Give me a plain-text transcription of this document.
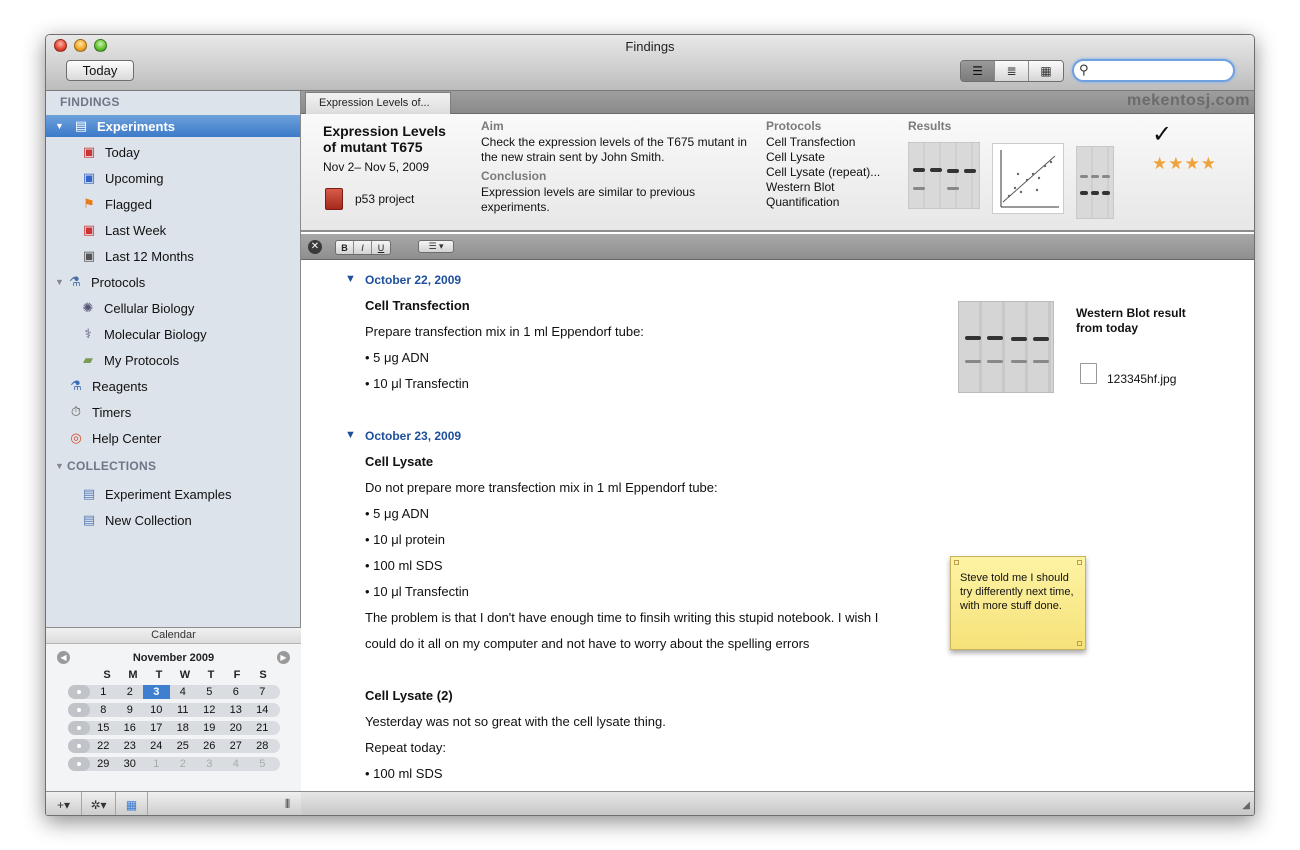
Findings
Today	☰	≣	▦	⚲
FINDINGS
▼ ▤ Experiments
▣ Today
▣ Upcoming
⚑ Flagged
▣ Last Week
▣ Last 12 Months
▼ ⚗ Protocols
✺ Cellular Biology
⚕ Molecular Biology
▰ My Protocols
⚗ Reagents
⏱ Timers
◎ Help Center
▼ COLLECTIONS
▤ Experiment Examples
▤ New Collection
Calendar
◀	November 2009	▶
S	M	T	W	T	F	S
1	2	3	4	5	6	7
8	9	10	11	12	13	14
15	16	17	18	19	20	21
22	23	24	25	26	27	28
29	30	1	2	3	4	5
+▾	✲▾	▦	⦀
Expression Levels of...	mekentosj.com
Expression Levels of mutant T675
Nov 2– Nov 5, 2009
p53 project
Aim
Check the expression levels of the T675 mutant in the new strain sent by John Smith.
Conclusion
Expression levels are similar to previous experiments.
Protocols
Cell Transfection
Cell Lysate
Cell Lysate (repeat)...
Western Blot
Quantification
Results	✓
★★★★
✕	B	I	U	☰ ▾
▼ October 22, 2009
Cell Transfection
Prepare transfection mix in 1 ml Eppendorf tube:
• 5 μg ADN
• 10 μl Transfectin
Western Blot result from today
123345hf.jpg
▼ October 23, 2009
Cell Lysate
Do not prepare more transfection mix in 1 ml Eppendorf tube:
• 5 μg ADN
• 10 μl protein
• 100 ml SDS
• 10 μl Transfectin
The problem is that I don't have enough time to finsih writing this stupid notebook. I wish I
could do it all on my computer and not have to worry about the spelling errors
Cell Lysate (2)
Yesterday was not so great with the cell lysate thing.
Repeat today:
• 100 ml SDS
Steve told me I should try differently next time, with more stuff done.
◢
